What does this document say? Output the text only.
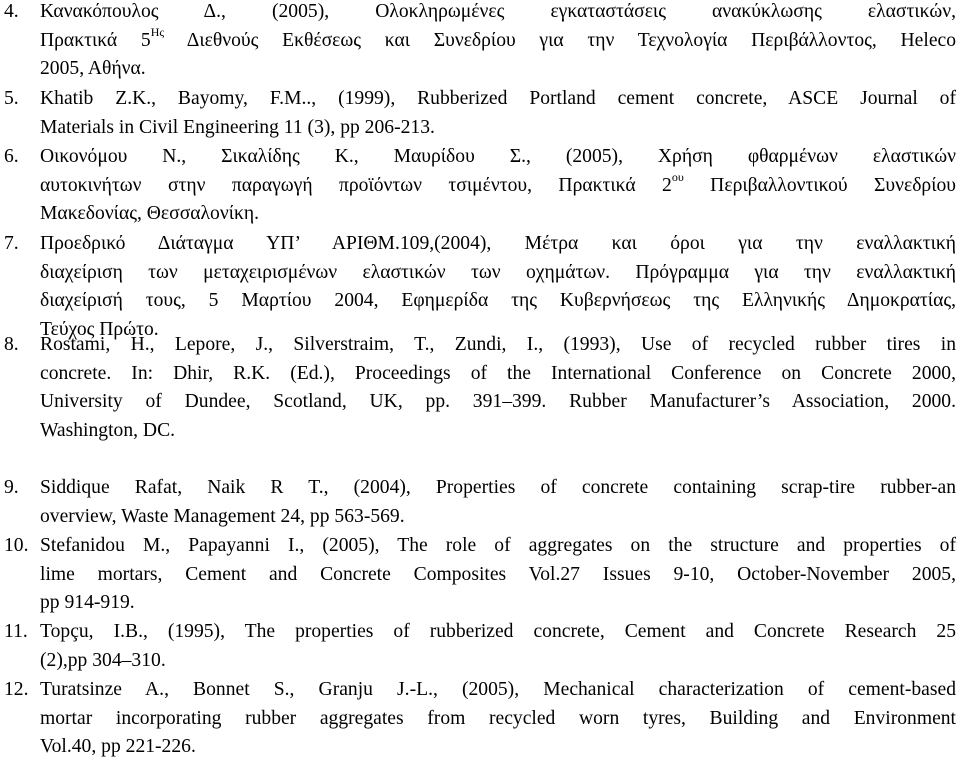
4. Κανακόπουλος Δ., (2005), Ολοκληρωμένες εγκαταστάσεις ανακύκλωσης ελαστικών,
Πρακτικά $5^{H\varsigma}$ Διεθνούς Εκθέσεως και Συνεδρίου για την Τεχνολογία Περιβάλλοντος, Heleco
2005, Αθήνα.
5. Khatib Z.K., Bayomy, F.M.., (1999), Rubberized Portland cement concrete, ASCE Journal of
Materials in Civil Engineering 11 (3), pp 206-213.
6. Οικονόμου Ν., Σικαλίδης Κ., Μαυρίδου Σ., (2005), Χρήση φθαρμένων ελαστικών
αυτοκινήτων στην παραγωγή προϊόντων τσιμέντου, Πρακτικά $2^{o\upsilon}$ Περιβαλλοντικού Συνεδρίου
Μακεδονίας, Θεσσαλονίκη.
7. Προεδρικό Διάταγμα ΥΠ’ ΑΡΙΘΜ.109,(2004), Μέτρα και όροι για την εναλλακτική
διαχείριση των μεταχειρισμένων ελαστικών των οχημάτων. Πρόγραμμα για την εναλλακτική
διαχείρισή τους, 5 Μαρτίου 2004, Εφημερίδα της Κυβερνήσεως της Ελληνικής Δημοκρατίας,
Τεύχος Πρώτο.
8. Rostami, H., Lepore, J., Silverstraim, T., Zundi, I., (1993), Use of recycled rubber tires in
concrete. In: Dhir, R.K. (Ed.), Proceedings of the International Conference on Concrete 2000,
University of Dundee, Scotland, UK, pp. 391–399. Rubber Manufacturer’s Association, 2000.
Washington, DC.
9. Siddique Rafat, Naik R T., (2004), Properties of concrete containing scrap-tire rubber-an
overview, Waste Management 24, pp 563-569.
10. Stefanidou M., Papayanni I., (2005), The role of aggregates on the structure and properties of
lime mortars, Cement and Concrete Composites Vol.27 Issues 9-10, October-November 2005,
pp 914-919.
11. Topçu, I.B., (1995), The properties of rubberized concrete, Cement and Concrete Research 25
(2),pp 304–310.
12. Turatsinze A., Bonnet S., Granju J.-L., (2005), Mechanical characterization of cement-based
mortar incorporating rubber aggregates from recycled worn tyres, Building and Environment
Vol.40, pp 221-226.
